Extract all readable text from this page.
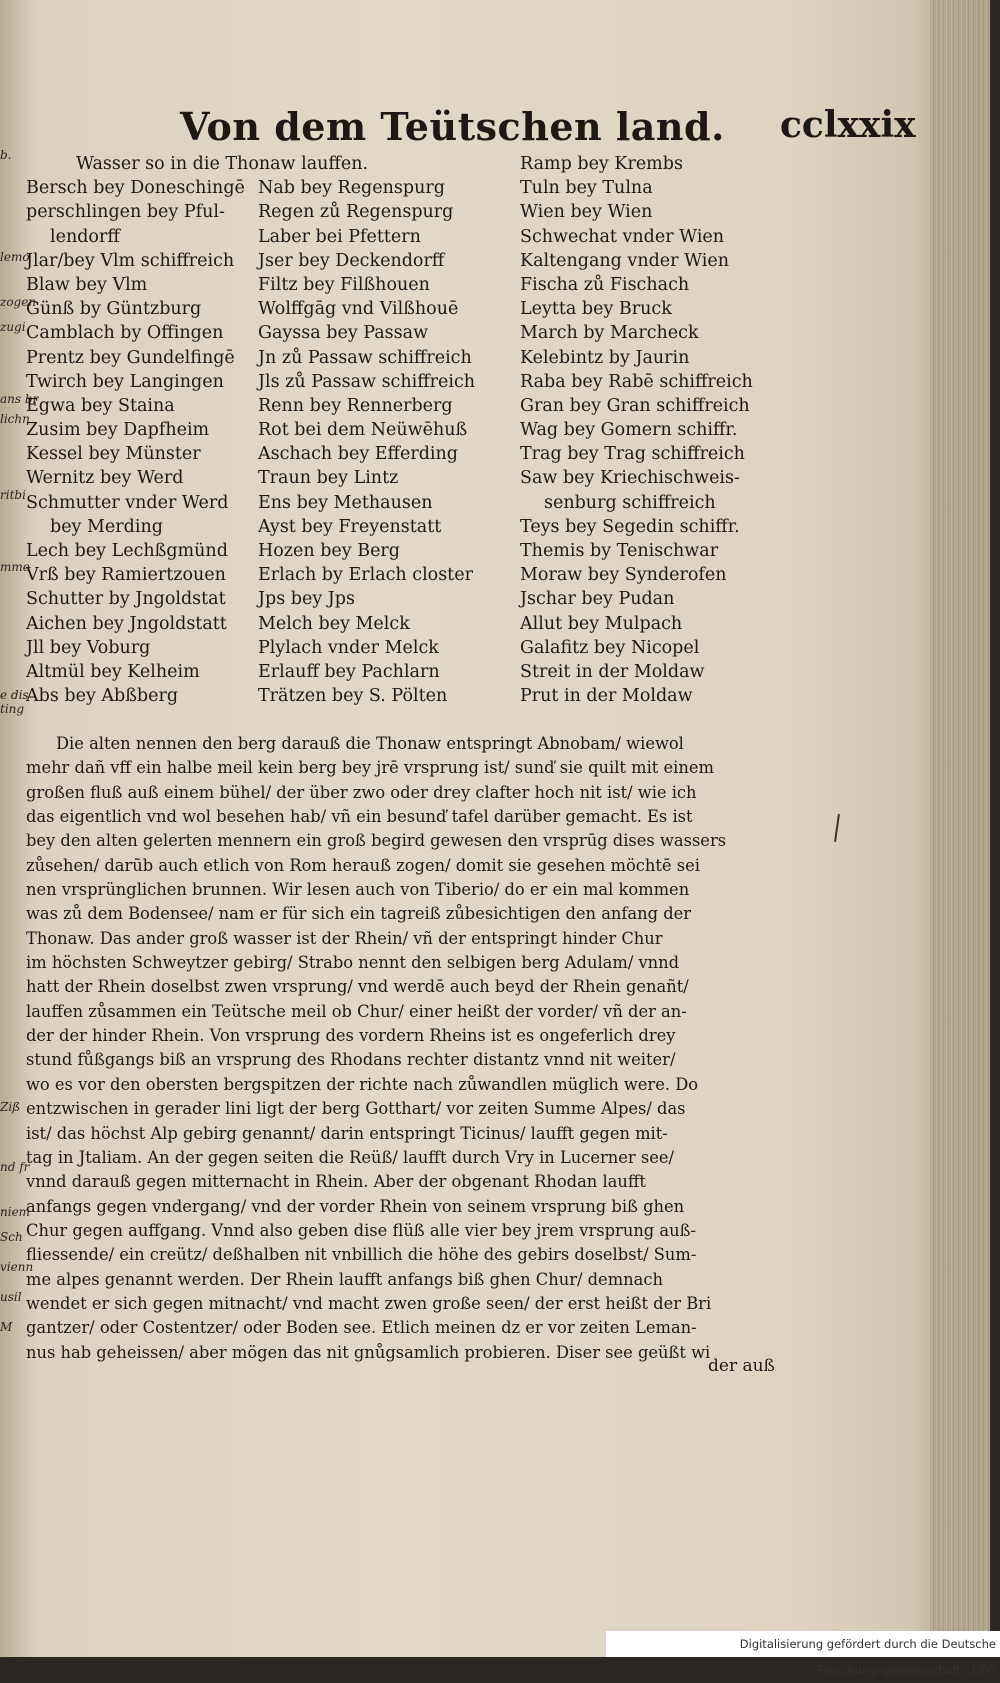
b.
lemo
zogen
zugi
ans br
lichn
ritbi
mme
e dis
ting
Ziß
nd fr
niem
Sch
vienn
usil
M
Von dem Teütschen land.	cclxxix
Wasser so in die Thonaw lauffen.
Bersch bey Doneschingē
perschlingen bey Pful-
lendorff
Jlar/bey Vlm schiffreich
Blaw bey Vlm
Günß by Güntzburg
Camblach by Offingen
Prentz bey Gundelfingē
Twirch bey Langingen
Egwa bey Staina
Zusim bey Dapfheim
Kessel bey Münster
Wernitz bey Werd
Schmutter vnder Werd
bey Merding
Lech bey Lechßgmünd
Vrß bey Ramiertzouen
Schutter by Jngoldstat
Aichen bey Jngoldstatt
Jll bey Voburg
Altmül bey Kelheim
Abs bey Abßberg
Nab bey Regenspurg
Regen zů Regenspurg
Laber bei Pfettern
Jser bey Deckendorff
Filtz bey Filßhouen
Wolffgāg vnd Vilßhouē
Gayssa bey Passaw
Jn zů Passaw schiffreich
Jls zů Passaw schiffreich
Renn bey Rennerberg
Rot bei dem Neüwēhuß
Aschach bey Efferding
Traun bey Lintz
Ens bey Methausen
Ayst bey Freyenstatt
Hozen bey Berg
Erlach by Erlach closter
Jps bey Jps
Melch bey Melck
Plylach vnder Melck
Erlauff bey Pachlarn
Trätzen bey S. Pölten
Ramp bey Krembs
Tuln bey Tulna
Wien bey Wien
Schwechat vnder Wien
Kaltengang vnder Wien
Fischa zů Fischach
Leytta bey Bruck
March by Marcheck
Kelebintz by Jaurin
Raba bey Rabē schiffreich
Gran bey Gran schiffreich
Wag bey Gomern schiffr.
Trag bey Trag schiffreich
Saw bey Kriechischweis-
senburg schiffreich
Teys bey Segedin schiffr.
Themis by Tenischwar
Moraw bey Synderofen
Jschar bey Pudan
Allut bey Mulpach
Galafitz bey Nicopel
Streit in der Moldaw
Prut in der Moldaw
Die alten nennen den berg darauß die Thonaw entspringt Abnobam/ wiewol
mehr dañ vff ein halbe meil kein berg bey jrē vrsprung ist/ sunď sie quilt mit einem
großen fluß auß einem bühel/ der über zwo oder drey clafter hoch nit ist/ wie ich
das eigentlich vnd wol besehen hab/ vñ ein besunď tafel darüber gemacht. Es ist
bey den alten gelerten mennern ein groß begird gewesen den vrsprūg dises wassers
zůsehen/ darūb auch etlich von Rom herauß zogen/ domit sie gesehen möchtē sei
nen vrsprünglichen brunnen. Wir lesen auch von Tiberio/ do er ein mal kommen
was zů dem Bodensee/ nam er für sich ein tagreiß zůbesichtigen den anfang der
Thonaw. Das ander groß wasser ist der Rhein/ vñ der entspringt hinder Chur
im höchsten Schweytzer gebirg/ Strabo nennt den selbigen berg Adulam/ vnnd
hatt der Rhein doselbst zwen vrsprung/ vnd werdē auch beyd der Rhein genañt/
lauffen zůsammen ein Teütsche meil ob Chur/ einer heißt der vorder/ vñ der an-
der der hinder Rhein. Von vrsprung des vordern Rheins ist es ongeferlich drey
stund fůßgangs biß an vrsprung des Rhodans rechter distantz vnnd nit weiter/
wo es vor den obersten bergspitzen der richte nach zůwandlen müglich were. Do
entzwischen in gerader lini ligt der berg Gotthart/ vor zeiten Summe Alpes/ das
ist/ das höchst Alp gebirg genannt/ darin entspringt Ticinus/ laufft gegen mit-
tag in Jtaliam. An der gegen seiten die Reüß/ laufft durch Vry in Lucerner see/
vnnd darauß gegen mitternacht in Rhein. Aber der obgenant Rhodan laufft
anfangs gegen vndergang/ vnd der vorder Rhein von seinem vrsprung biß ghen
Chur gegen auffgang. Vnnd also geben dise flüß alle vier bey jrem vrsprung auß-
fliessende/ ein creütz/ deßhalben nit vnbillich die höhe des gebirs doselbst/ Sum-
me alpes genannt werden. Der Rhein laufft anfangs biß ghen Chur/ demnach
wendet er sich gegen mitnacht/ vnd macht zwen große seen/ der erst heißt der Bri
gantzer/ oder Costentzer/ oder Boden see. Etlich meinen dz er vor zeiten Leman-
nus hab geheissen/ aber mögen das nit gnůgsamlich probieren. Diser see geüßt wi
der auß
Digitalisierung gefördert durch die Deutsche Forschungsgemeinschaft · DFG
